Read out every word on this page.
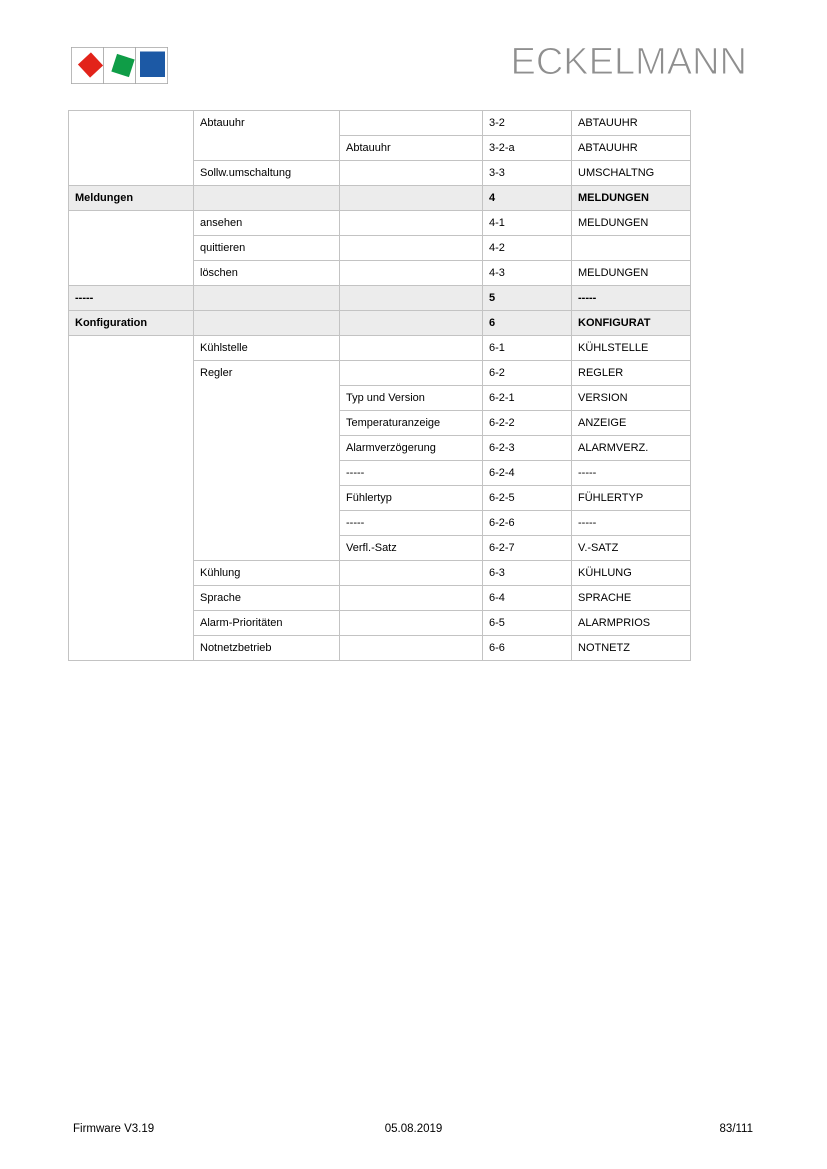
ECKELMANN
Abtauuhr	3-2	ABTAUUHR
Abtauuhr	3-2-a	ABTAUUHR
Sollw.umschaltung	3-3	UMSCHALTNG
Meldungen	4	MELDUNGEN
ansehen	4-1	MELDUNGEN
quittieren	4-2
löschen	4-3	MELDUNGEN
-----	5	-----
Konfiguration	6	KONFIGURAT
Kühlstelle	6-1	KÜHLSTELLE
Regler	6-2	REGLER
Typ und Version	6-2-1	VERSION
Temperaturanzeige	6-2-2	ANZEIGE
Alarmverzögerung	6-2-3	ALARMVERZ.
-----	6-2-4	-----
Fühlertyp	6-2-5	FÜHLERTYP
-----	6-2-6	-----
Verfl.-Satz	6-2-7	V.-SATZ
Kühlung	6-3	KÜHLUNG
Sprache	6-4	SPRACHE
Alarm-Prioritäten	6-5	ALARMPRIOS
Notnetzbetrieb	6-6	NOTNETZ
Firmware V3.19	05.08.2019	83/111
